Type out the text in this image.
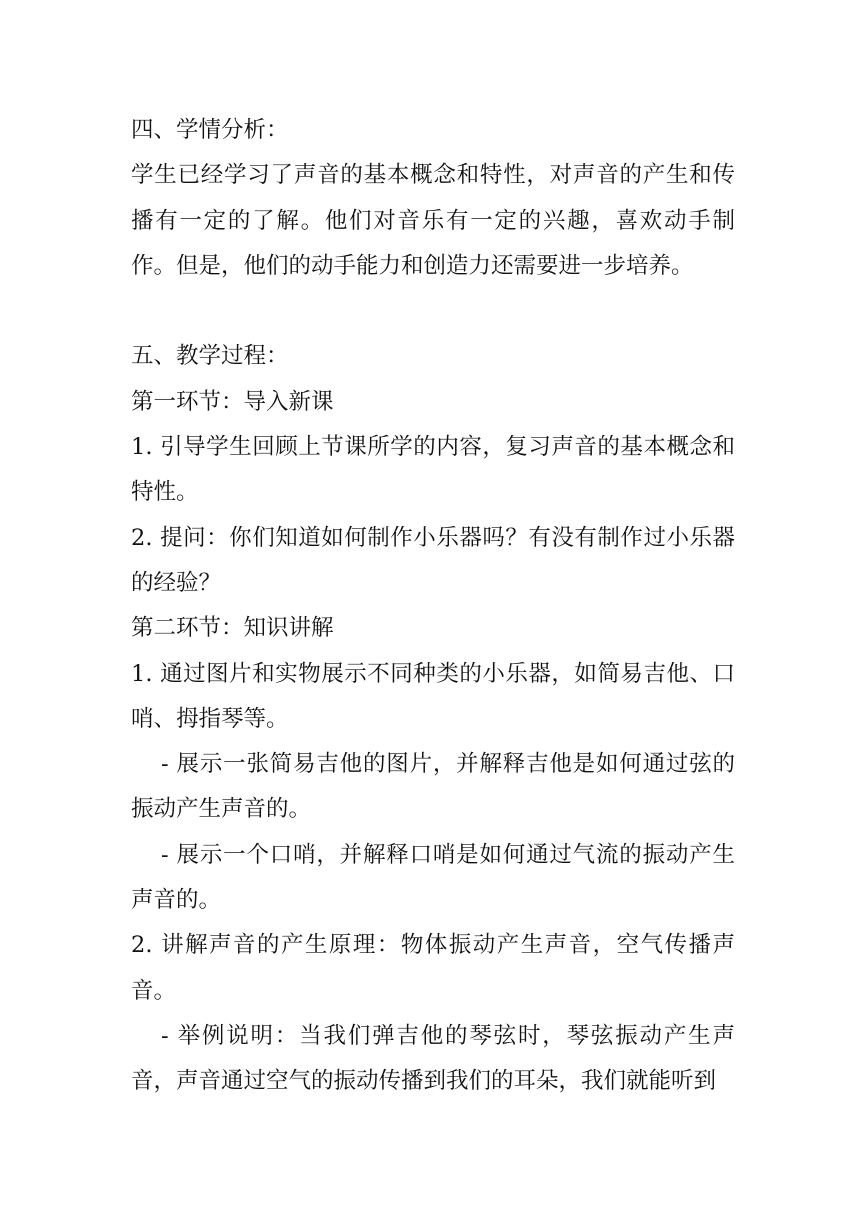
四、学情分析：

学生已经学习了声音的基本概念和特性，对声音的产生和传播有一定的了解。他们对音乐有一定的兴趣，喜欢动手制作。但是，他们的动手能力和创造力还需要进一步培养。

五、教学过程：

第一环节：导入新课

1. 引导学生回顾上节课所学的内容，复习声音的基本概念和特性。

2. 提问：你们知道如何制作小乐器吗？有没有制作过小乐器的经验？

第二环节：知识讲解

1. 通过图片和实物展示不同种类的小乐器，如简易吉他、口哨、拇指琴等。

- 展示一张简易吉他的图片，并解释吉他是如何通过弦的振动产生声音的。

- 展示一个口哨，并解释口哨是如何通过气流的振动产生声音的。

2. 讲解声音的产生原理：物体振动产生声音，空气传播声音。

- 举例说明：当我们弹吉他的琴弦时，琴弦振动产生声音，声音通过空气的振动传播到我们的耳朵，我们就能听到
